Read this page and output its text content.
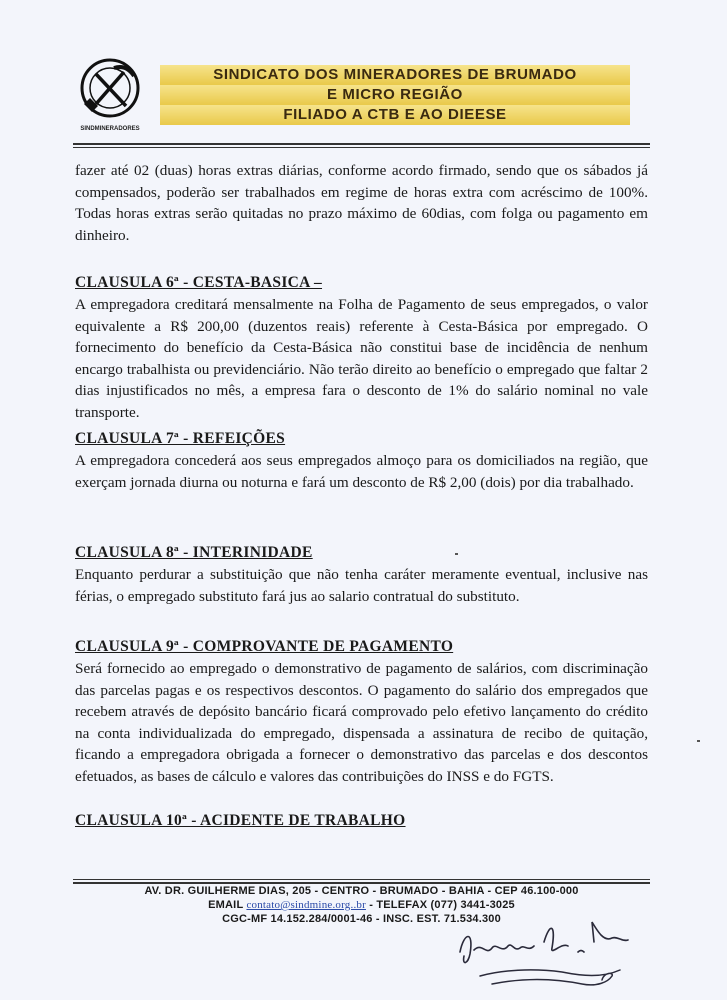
SINDMINERADORES
SINDICATO DOS MINERADORES DE BRUMADO
E MICRO REGIÃO
FILIADO A CTB E AO DIEESE
fazer até 02 (duas) horas extras diárias, conforme acordo firmado, sendo que os sábados já compensados, poderão ser trabalhados em regime de horas extra com acréscimo de 100%. Todas horas extras serão quitadas no prazo máximo de 60dias, com folga ou pagamento em dinheiro.
CLAUSULA 6ª - CESTA-BASICA –
A empregadora creditará mensalmente na Folha de Pagamento de seus empregados, o valor equivalente a R$ 200,00 (duzentos reais) referente à Cesta-Básica por empregado. O fornecimento do benefício da Cesta-Básica não constitui base de incidência de nenhum encargo trabalhista ou previdenciário. Não terão direito ao benefício o empregado que faltar 2 dias injustificados no mês, a empresa fara o desconto de 1% do salário nominal no vale transporte.
CLAUSULA 7ª - REFEIÇÕES
A empregadora concederá aos seus empregados almoço para os domiciliados na região, que exerçam jornada diurna ou noturna e fará um desconto de R$ 2,00 (dois) por dia trabalhado.
CLAUSULA 8ª - INTERINIDADE
Enquanto perdurar a substituição que não tenha caráter meramente eventual, inclusive nas férias, o empregado substituto fará jus ao salario contratual do substituto.
CLAUSULA 9ª - COMPROVANTE DE PAGAMENTO
Será fornecido ao empregado o demonstrativo de pagamento de salários, com discriminação das parcelas pagas e os respectivos descontos. O pagamento do salário dos empregados que recebem através de depósito bancário ficará comprovado pelo efetivo lançamento do crédito na conta individualizada do empregado, dispensada a assinatura de recibo de quitação, ficando a empregadora obrigada a fornecer o demonstrativo das parcelas e dos descontos efetuados, as bases de cálculo e valores das contribuições do INSS e do FGTS.
CLAUSULA 10ª - ACIDENTE DE TRABALHO
AV. DR. GUILHERME DIAS, 205 - CENTRO - BRUMADO - BAHIA - CEP 46.100-000
EMAIL contato@sindmine.org..br - TELEFAX (077) 3441-3025
CGC-MF 14.152.284/0001-46 - INSC. EST. 71.534.300
